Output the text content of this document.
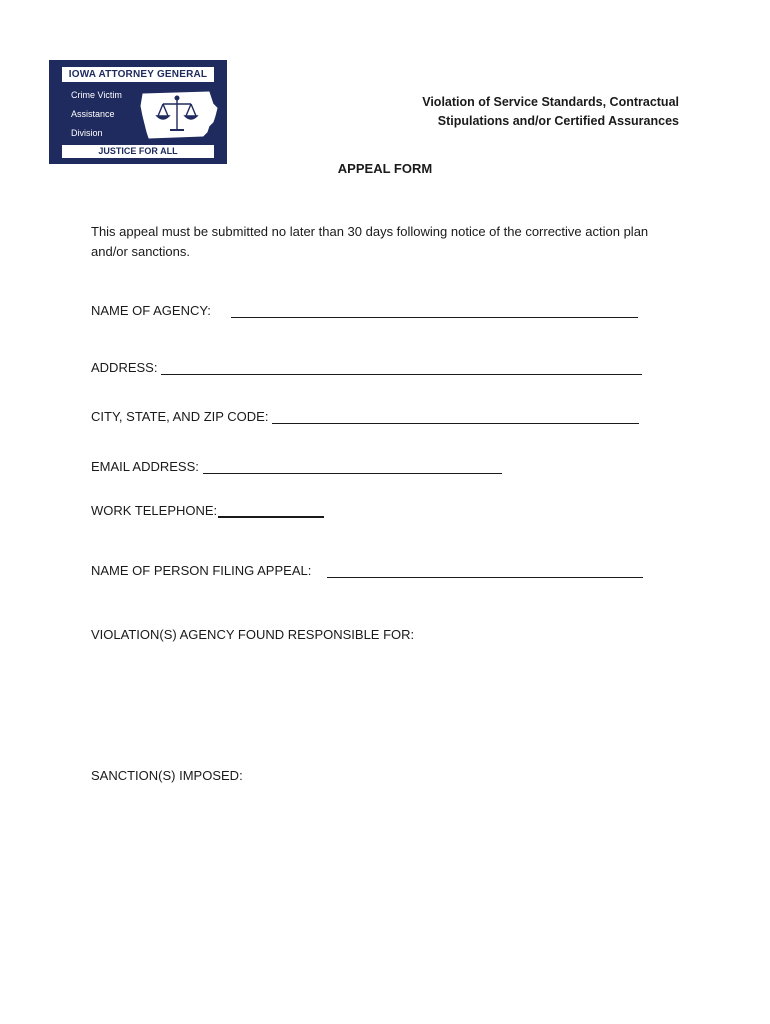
IOWA ATTORNEY GENERAL
Crime Victim
Assistance
Division
JUSTICE FOR ALL
Violation of Service Standards, Contractual
Stipulations and/or Certified Assurances
APPEAL FORM
This appeal must be submitted no later than 30 days following notice of the corrective action plan and/or sanctions.
NAME OF AGENCY:
ADDRESS:
CITY, STATE, AND ZIP CODE:
EMAIL ADDRESS:
WORK TELEPHONE:
NAME OF PERSON FILING APPEAL:
VIOLATION(S) AGENCY FOUND RESPONSIBLE FOR:
SANCTION(S) IMPOSED:
